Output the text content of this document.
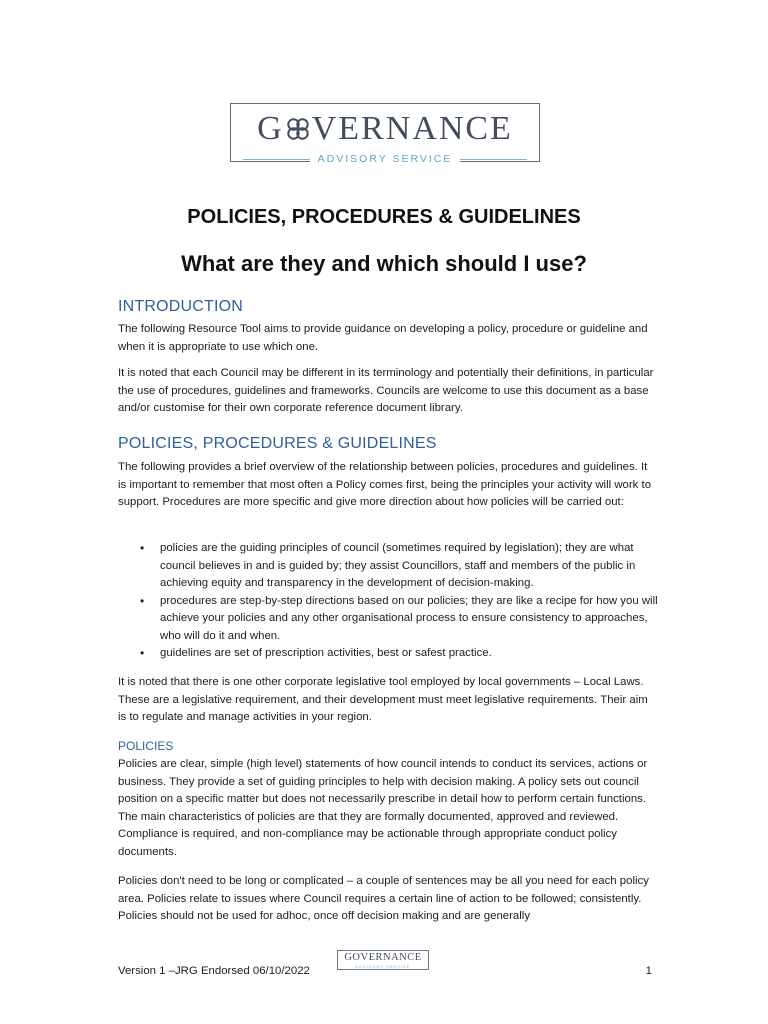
G VERNANCE
ADVISORY SERVICE
POLICIES, PROCEDURES & GUIDELINES
What are they and which should I use?
INTRODUCTION
The following Resource Tool aims to provide guidance on developing a policy, procedure or guideline and when it is appropriate to use which one.
It is noted that each Council may be different in its terminology and potentially their definitions, in particular the use of procedures, guidelines and frameworks. Councils are welcome to use this document as a base and/or customise for their own corporate reference document library.
POLICIES, PROCEDURES & GUIDELINES
The following provides a brief overview of the relationship between policies, procedures and guidelines. It is important to remember that most often a Policy comes first, being the principles your activity will work to support. Procedures are more specific and give more direction about how policies will be carried out:
• policies are the guiding principles of council (sometimes required by legislation); they are what council believes in and is guided by; they assist Councillors, staff and members of the public in achieving equity and transparency in the development of decision-making.
• procedures are step-by-step directions based on our policies; they are like a recipe for how you will achieve your policies and any other organisational process to ensure consistency to approaches, who will do it and when.
• guidelines are set of prescription activities, best or safest practice.
It is noted that there is one other corporate legislative tool employed by local governments – Local Laws. These are a legislative requirement, and their development must meet legislative requirements. Their aim is to regulate and manage activities in your region.
POLICIES
Policies are clear, simple (high level) statements of how council intends to conduct its services, actions or business. They provide a set of guiding principles to help with decision making. A policy sets out council position on a specific matter but does not necessarily prescribe in detail how to perform certain functions. The main characteristics of policies are that they are formally documented, approved and reviewed. Compliance is required, and non-compliance may be actionable through appropriate conduct policy documents.
Policies don't need to be long or complicated – a couple of sentences may be all you need for each policy area. Policies relate to issues where Council requires a certain line of action to be followed; consistently. Policies should not be used for adhoc, once off decision making and are generally
GOVERNANCE
ADVISORY SERVICE
Version 1 –JRG Endorsed 06/10/2022	1
